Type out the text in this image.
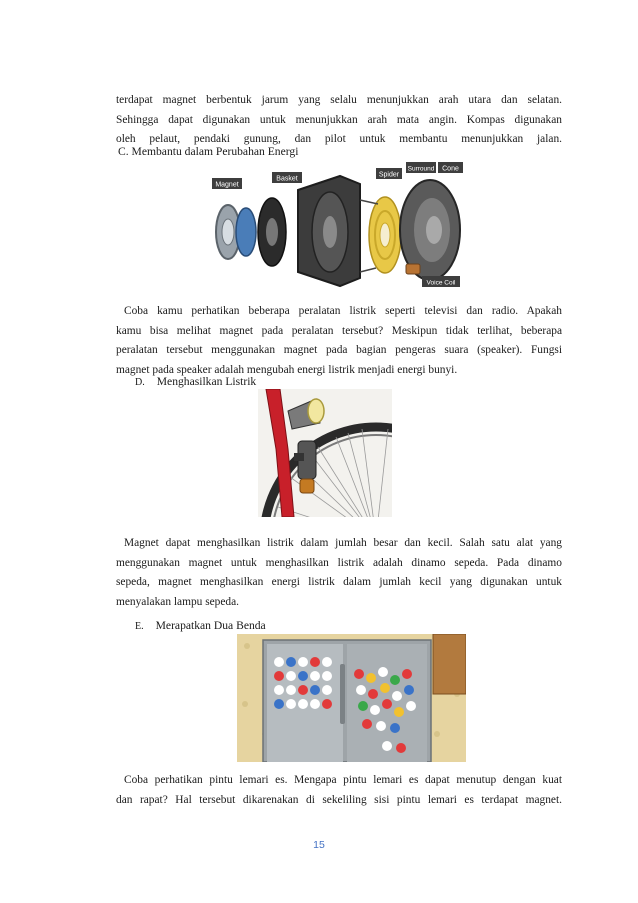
terdapat magnet berbentuk jarum yang selalu menunjukkan arah utara dan selatan.
Sehingga dapat digunakan untuk menunjukkan arah mata angin. Kompas digunakan
oleh pelaut, pendaki gunung, dan pilot untuk membantu menunjukkan jalan.
C. Membantu dalam Perubahan Energi
Magnet
Basket
Surround Cone
Spider
Voice Coil
Coba kamu perhatikan beberapa peralatan listrik seperti televisi dan radio. Apakah
kamu bisa melihat magnet pada peralatan tersebut? Meskipun tidak terlihat, beberapa
peralatan tersebut menggunakan magnet pada bagian pengeras suara (speaker). Fungsi
magnet pada speaker adalah mengubah energi listrik menjadi energi bunyi.
D. Menghasilkan Listrik
Magnet dapat menghasilkan listrik dalam jumlah besar dan kecil. Salah satu alat yang
menggunakan magnet untuk menghasilkan listrik adalah dinamo sepeda. Pada dinamo
sepeda, magnet menghasilkan energi listrik dalam jumlah kecil yang digunakan untuk
menyalakan lampu sepeda.
E. Merapatkan Dua Benda
Coba perhatikan pintu lemari es. Mengapa pintu lemari es dapat menutup dengan kuat
dan rapat? Hal tersebut dikarenakan di sekeliling sisi pintu lemari es terdapat magnet.
15
